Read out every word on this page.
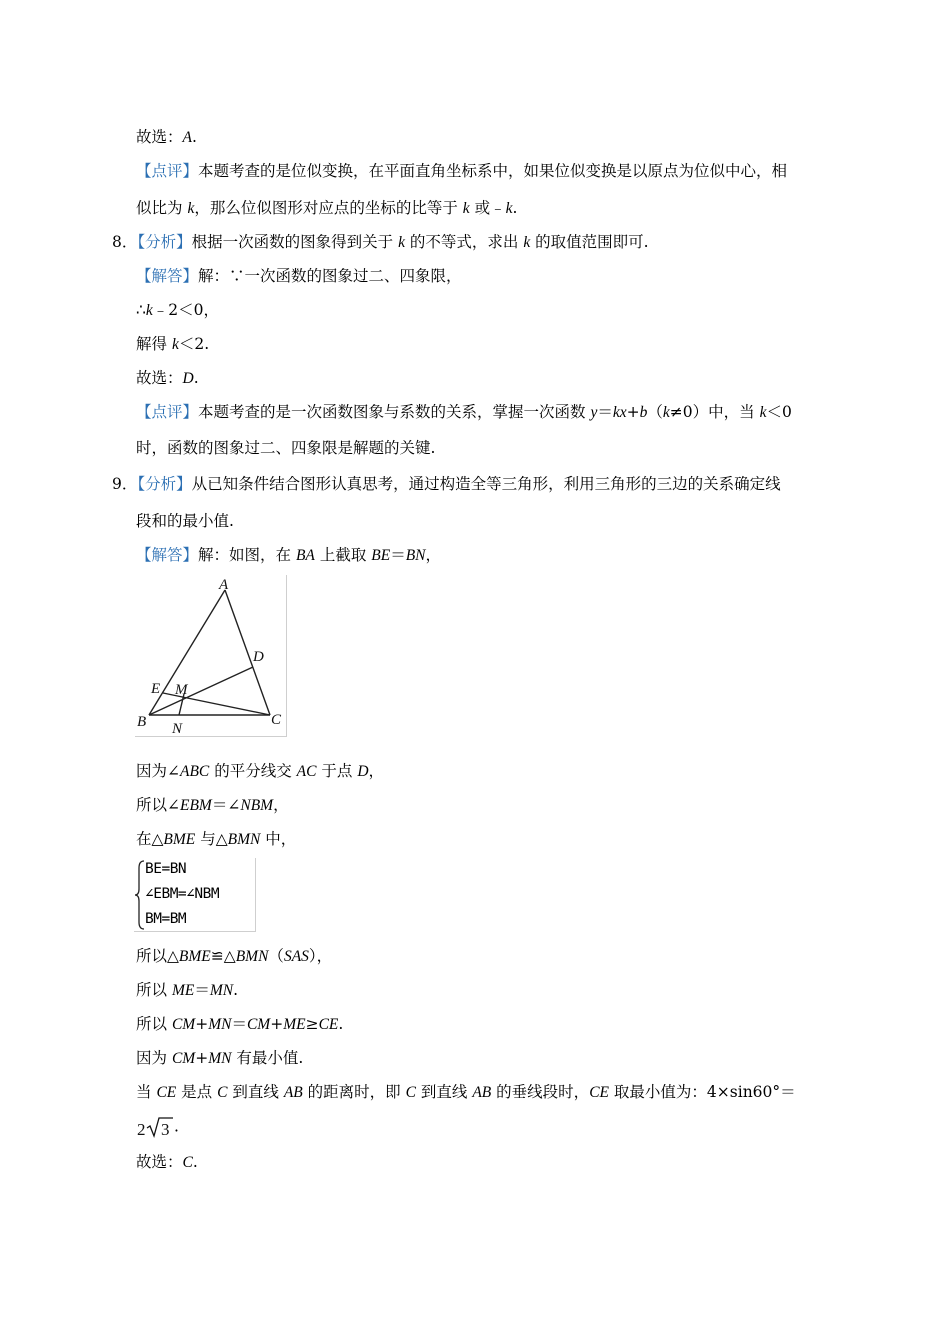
故选：A.
【点评】本题考查的是位似变换，在平面直角坐标系中，如果位似变换是以原点为位似中心，相
似比为 k，那么位似图形对应点的坐标的比等于 k 或﹣k.
8．【分析】根据一次函数的图象得到关于 k 的不等式，求出 k 的取值范围即可.
【解答】解：∵一次函数的图象过二、四象限，
∴k﹣2＜0，
解得 k＜2.
故选：D.
【点评】本题考查的是一次函数图象与系数的关系，掌握一次函数 y＝kx+b（k≠0）中，当 k＜0
时，函数的图象过二、四象限是解题的关键.
9．【分析】从已知条件结合图形认真思考，通过构造全等三角形，利用三角形的三边的关系确定线
段和的最小值.
【解答】解：如图，在 BA 上截取 BE＝BN，
A
D
E M
B	C
N
因为∠ABC 的平分线交 AC 于点 D，
所以∠EBM＝∠NBM，
在△BME 与△BMN 中，
BE=BN
∠EBM=∠NBM
BM=BM
所以△BME≌△BMN（SAS），
所以 ME＝MN.
所以 CM+MN＝CM+ME≥CE.
因为 CM+MN 有最小值.
当 CE 是点 C 到直线 AB 的距离时，即 C 到直线 AB 的垂线段时，CE 取最小值为：4×sin60°＝
2 3 .
故选：C.
